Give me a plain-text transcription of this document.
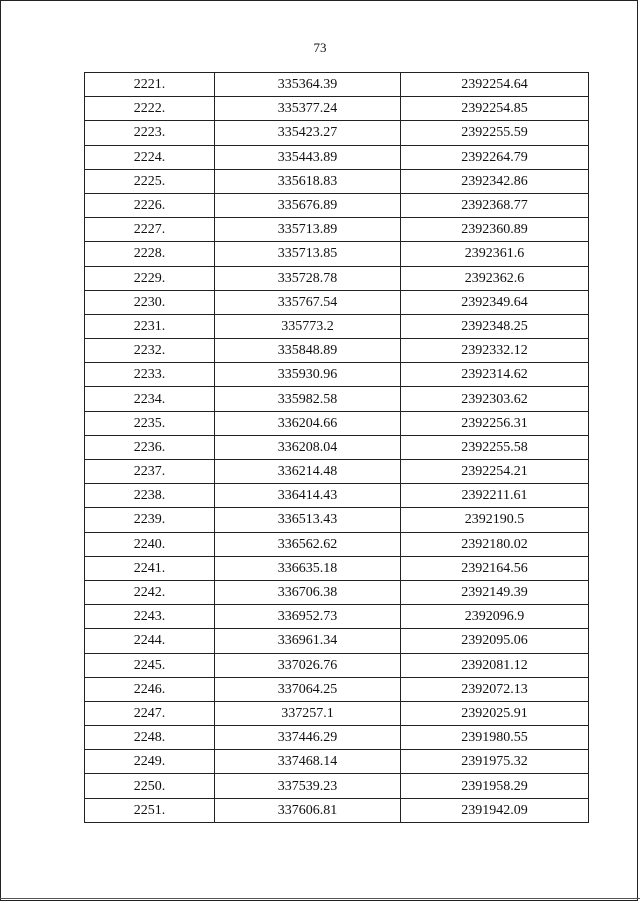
73
2221.	335364.39	2392254.64
2222.	335377.24	2392254.85
2223.	335423.27	2392255.59
2224.	335443.89	2392264.79
2225.	335618.83	2392342.86
2226.	335676.89	2392368.77
2227.	335713.89	2392360.89
2228.	335713.85	2392361.6
2229.	335728.78	2392362.6
2230.	335767.54	2392349.64
2231.	335773.2	2392348.25
2232.	335848.89	2392332.12
2233.	335930.96	2392314.62
2234.	335982.58	2392303.62
2235.	336204.66	2392256.31
2236.	336208.04	2392255.58
2237.	336214.48	2392254.21
2238.	336414.43	2392211.61
2239.	336513.43	2392190.5
2240.	336562.62	2392180.02
2241.	336635.18	2392164.56
2242.	336706.38	2392149.39
2243.	336952.73	2392096.9
2244.	336961.34	2392095.06
2245.	337026.76	2392081.12
2246.	337064.25	2392072.13
2247.	337257.1	2392025.91
2248.	337446.29	2391980.55
2249.	337468.14	2391975.32
2250.	337539.23	2391958.29
2251.	337606.81	2391942.09
